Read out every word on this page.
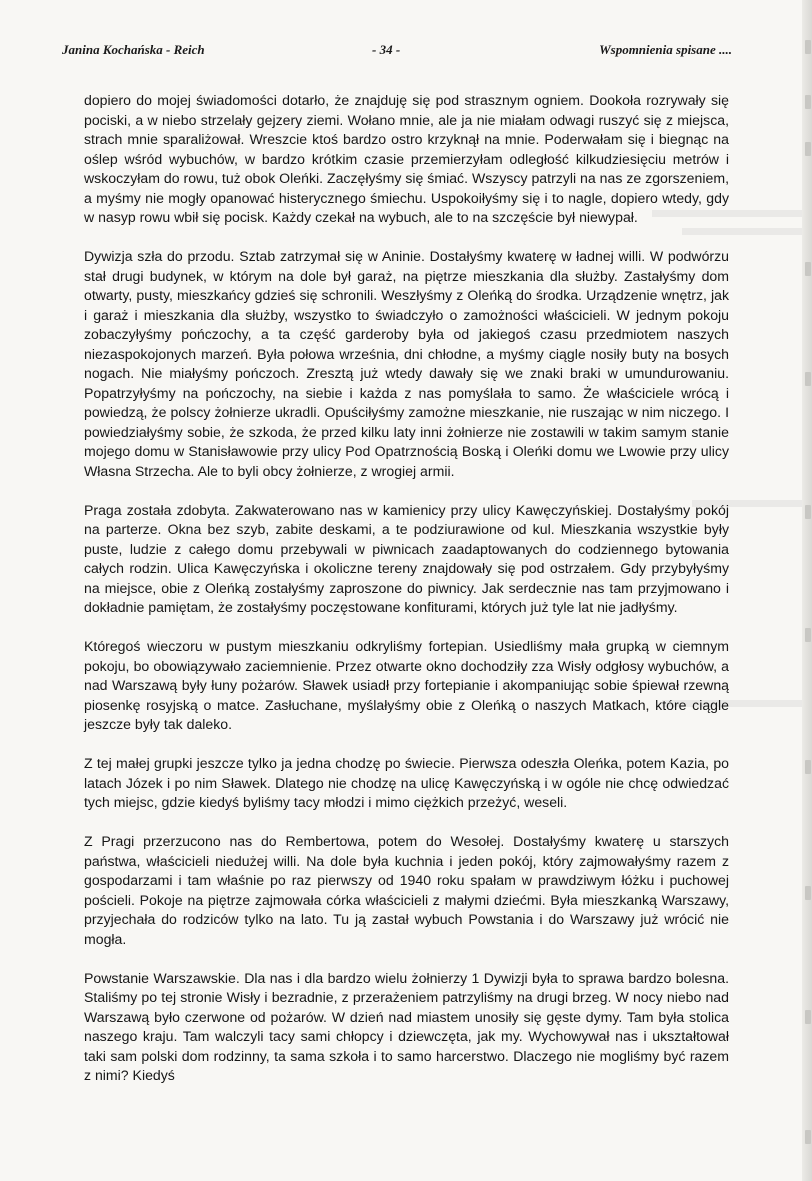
Janina Kochańska - Reich	- 34 -	Wspomnienia spisane ....

dopiero do mojej świadomości dotarło, że znajduję się pod strasznym ogniem. Dookoła rozrywały się pociski, a w niebo strzelały gejzery ziemi. Wołano mnie, ale ja nie miałam odwagi ruszyć się z miejsca, strach mnie sparaliżował. Wreszcie ktoś bardzo ostro krzyknął na mnie. Poderwałam się i biegnąc na oślep wśród wybuchów, w bardzo krótkim czasie przemierzyłam odległość kilkudziesięciu metrów i wskoczyłam do rowu, tuż obok Oleńki. Zaczęłyśmy się śmiać. Wszyscy patrzyli na nas ze zgorszeniem, a myśmy nie mogły opanować histerycznego śmiechu. Uspokoiłyśmy się i to nagle, dopiero wtedy, gdy w nasyp rowu wbił się pocisk. Każdy czekał na wybuch, ale to na szczęście był niewypał.

Dywizja szła do przodu. Sztab zatrzymał się w Aninie. Dostałyśmy kwaterę w ładnej willi. W podwórzu stał drugi budynek, w którym na dole był garaż, na piętrze mieszkania dla służby. Zastałyśmy dom otwarty, pusty, mieszkańcy gdzieś się schronili. Weszłyśmy z Oleńką do środka. Urządzenie wnętrz, jak i garaż i mieszkania dla służby, wszystko to świadczyło o zamożności właścicieli. W jednym pokoju zobaczyłyśmy pończochy, a ta część garderoby była od jakiegoś czasu przedmiotem naszych niezaspokojonych marzeń. Była połowa września, dni chłodne, a myśmy ciągle nosiły buty na bosych nogach. Nie miałyśmy pończoch. Zresztą już wtedy dawały się we znaki braki w umundurowaniu. Popatrzyłyśmy na pończochy, na siebie i każda z nas pomyślała to samo. Że właściciele wrócą i powiedzą, że polscy żołnierze ukradli. Opuściłyśmy zamożne mieszkanie, nie ruszając w nim niczego. I powiedziałyśmy sobie, że szkoda, że przed kilku laty inni żołnierze nie zostawili w takim samym stanie mojego domu w Stanisławowie przy ulicy Pod Opatrznością Boską i Oleńki domu we Lwowie przy ulicy Własna Strzecha. Ale to byli obcy żołnierze, z wrogiej armii.

Praga została zdobyta. Zakwaterowano nas w kamienicy przy ulicy Kawęczyńskiej. Dostałyśmy pokój na parterze. Okna bez szyb, zabite deskami, a te podziurawione od kul. Mieszkania wszystkie były puste, ludzie z całego domu przebywali w piwnicach zaadaptowanych do codziennego bytowania całych rodzin. Ulica Kawęczyńska i okoliczne tereny znajdowały się pod ostrzałem. Gdy przybyłyśmy na miejsce, obie z Oleńką zostałyśmy zaproszone do piwnicy. Jak serdecznie nas tam przyjmowano i dokładnie pamiętam, że zostałyśmy poczęstowane konfiturami, których już tyle lat nie jadłyśmy.

Któregoś wieczoru w pustym mieszkaniu odkryliśmy fortepian. Usiedliśmy mała grupką w ciemnym pokoju, bo obowiązywało zaciemnienie. Przez otwarte okno dochodziły zza Wisły odgłosy wybuchów, a nad Warszawą były łuny pożarów. Sławek usiadł przy fortepianie i akompaniując sobie śpiewał rzewną piosenkę rosyjską o matce. Zasłuchane, myślałyśmy obie z Oleńką o naszych Matkach, które ciągle jeszcze były tak daleko.

Z tej małej grupki jeszcze tylko ja jedna chodzę po świecie. Pierwsza odeszła Oleńka, potem Kazia, po latach Józek i po nim Sławek. Dlatego nie chodzę na ulicę Kawęczyńską i w ogóle nie chcę odwiedzać tych miejsc, gdzie kiedyś byliśmy tacy młodzi i mimo ciężkich przeżyć, weseli.

Z Pragi przerzucono nas do Rembertowa, potem do Wesołej. Dostałyśmy kwaterę u starszych państwa, właścicieli niedużej willi. Na dole była kuchnia i jeden pokój, który zajmowałyśmy razem z gospodarzami i tam właśnie po raz pierwszy od 1940 roku spałam w prawdziwym łóżku i puchowej pościeli. Pokoje na piętrze zajmowała córka właścicieli z małymi dziećmi. Była mieszkanką Warszawy, przyjechała do rodziców tylko na lato. Tu ją zastał wybuch Powstania i do Warszawy już wrócić nie mogła.

Powstanie Warszawskie. Dla nas i dla bardzo wielu żołnierzy 1 Dywizji była to sprawa bardzo bolesna. Staliśmy po tej stronie Wisły i bezradnie, z przerażeniem patrzyliśmy na drugi brzeg. W nocy niebo nad Warszawą było czerwone od pożarów. W dzień nad miastem unosiły się gęste dymy. Tam była stolica naszego kraju. Tam walczyli tacy sami chłopcy i dziewczęta, jak my. Wychowywał nas i ukształtował taki sam polski dom rodzinny, ta sama szkoła i to samo harcerstwo. Dlaczego nie mogliśmy być razem z nimi? Kiedyś
